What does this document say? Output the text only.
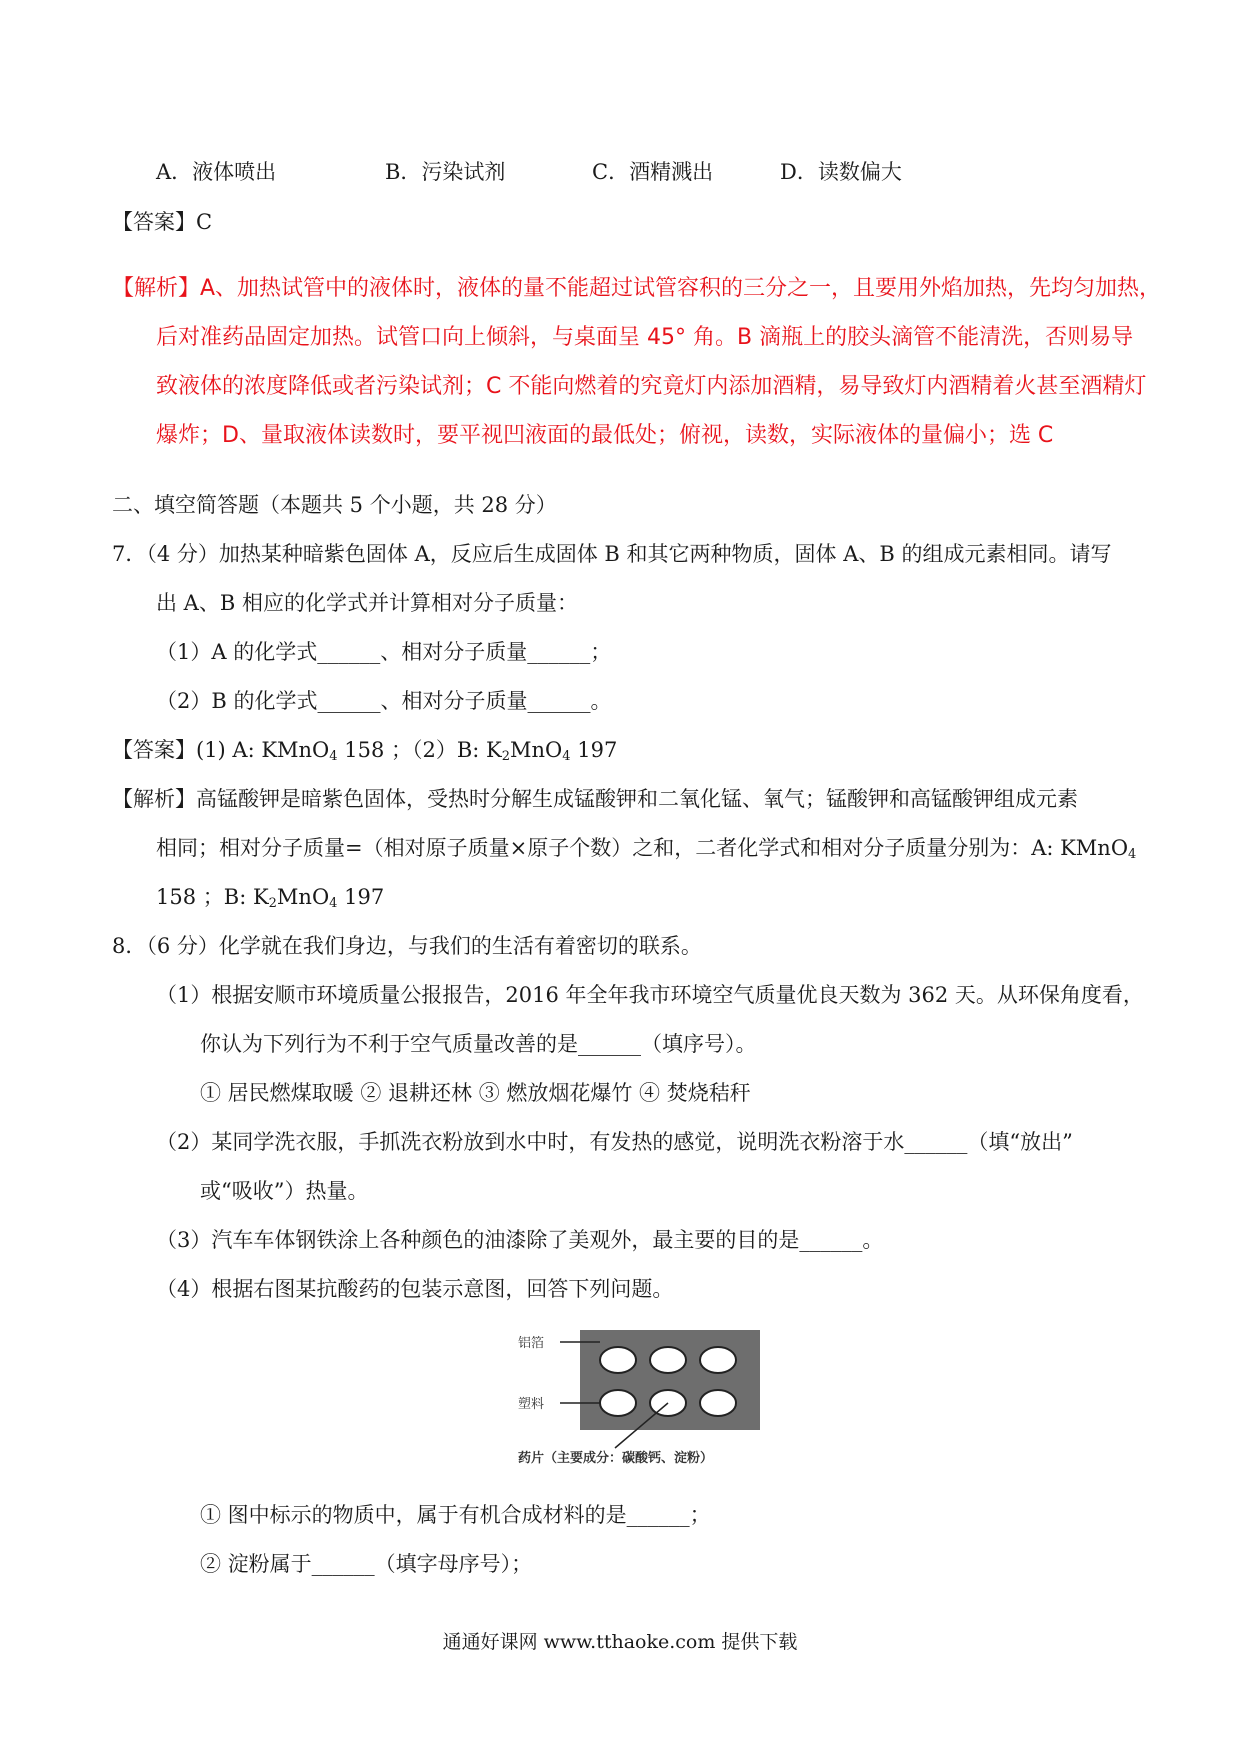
A．液体喷出	B．污染试剂	C．酒精溅出	D．读数偏大
【答案】C
【解析】A、加热试管中的液体时，液体的量不能超过试管容积的三分之一，且要用外焰加热，先均匀加热，
后对准药品固定加热。试管口向上倾斜，与桌面呈 45° 角。B 滴瓶上的胶头滴管不能清洗，否则易导
致液体的浓度降低或者污染试剂；C 不能向燃着的究竟灯内添加酒精，易导致灯内酒精着火甚至酒精灯
爆炸；D、量取液体读数时，要平视凹液面的最低处；俯视，读数，实际液体的量偏小；选 C
二、填空简答题（本题共 5 个小题，共 28 分）
7．（4 分）加热某种暗紫色固体 A，反应后生成固体 B 和其它两种物质，固体 A、B 的组成元素相同。请写
出 A、B 相应的化学式并计算相对分子质量：
（1）A 的化学式______、相对分子质量______；
（2）B 的化学式______、相对分子质量______。
【答案】(1) A: KMnO$_4$ 158 ；（2）B: $K_2MnO_4$ 197
【解析】高锰酸钾是暗紫色固体，受热时分解生成锰酸钾和二氧化锰、氧气；锰酸钾和高锰酸钾组成元素
相同；相对分子质量=（相对原子质量×原子个数）之和，二者化学式和相对分子质量分别为：A: KMnO$_4$
158 ；B: $K_2MnO_4$ 197
8．（6 分）化学就在我们身边，与我们的生活有着密切的联系。
（1）根据安顺市环境质量公报报告，2016 年全年我市环境空气质量优良天数为 362 天。从环保角度看，
你认为下列行为不利于空气质量改善的是______（填序号）。
① 居民燃煤取暖 ② 退耕还林 ③ 燃放烟花爆竹 ④ 焚烧秸秆
（2）某同学洗衣服，手抓洗衣粉放到水中时，有发热的感觉，说明洗衣粉溶于水______（填“放出”
或“吸收”）热量。
（3）汽车车体钢铁涂上各种颜色的油漆除了美观外，最主要的目的是______。
（4）根据右图某抗酸药的包装示意图，回答下列问题。
铝箔
塑料
药片（主要成分：碳酸钙、淀粉）
① 图中标示的物质中，属于有机合成材料的是______；
② 淀粉属于______（填字母序号）；
通通好课网 www.tthaoke.com 提供下载
